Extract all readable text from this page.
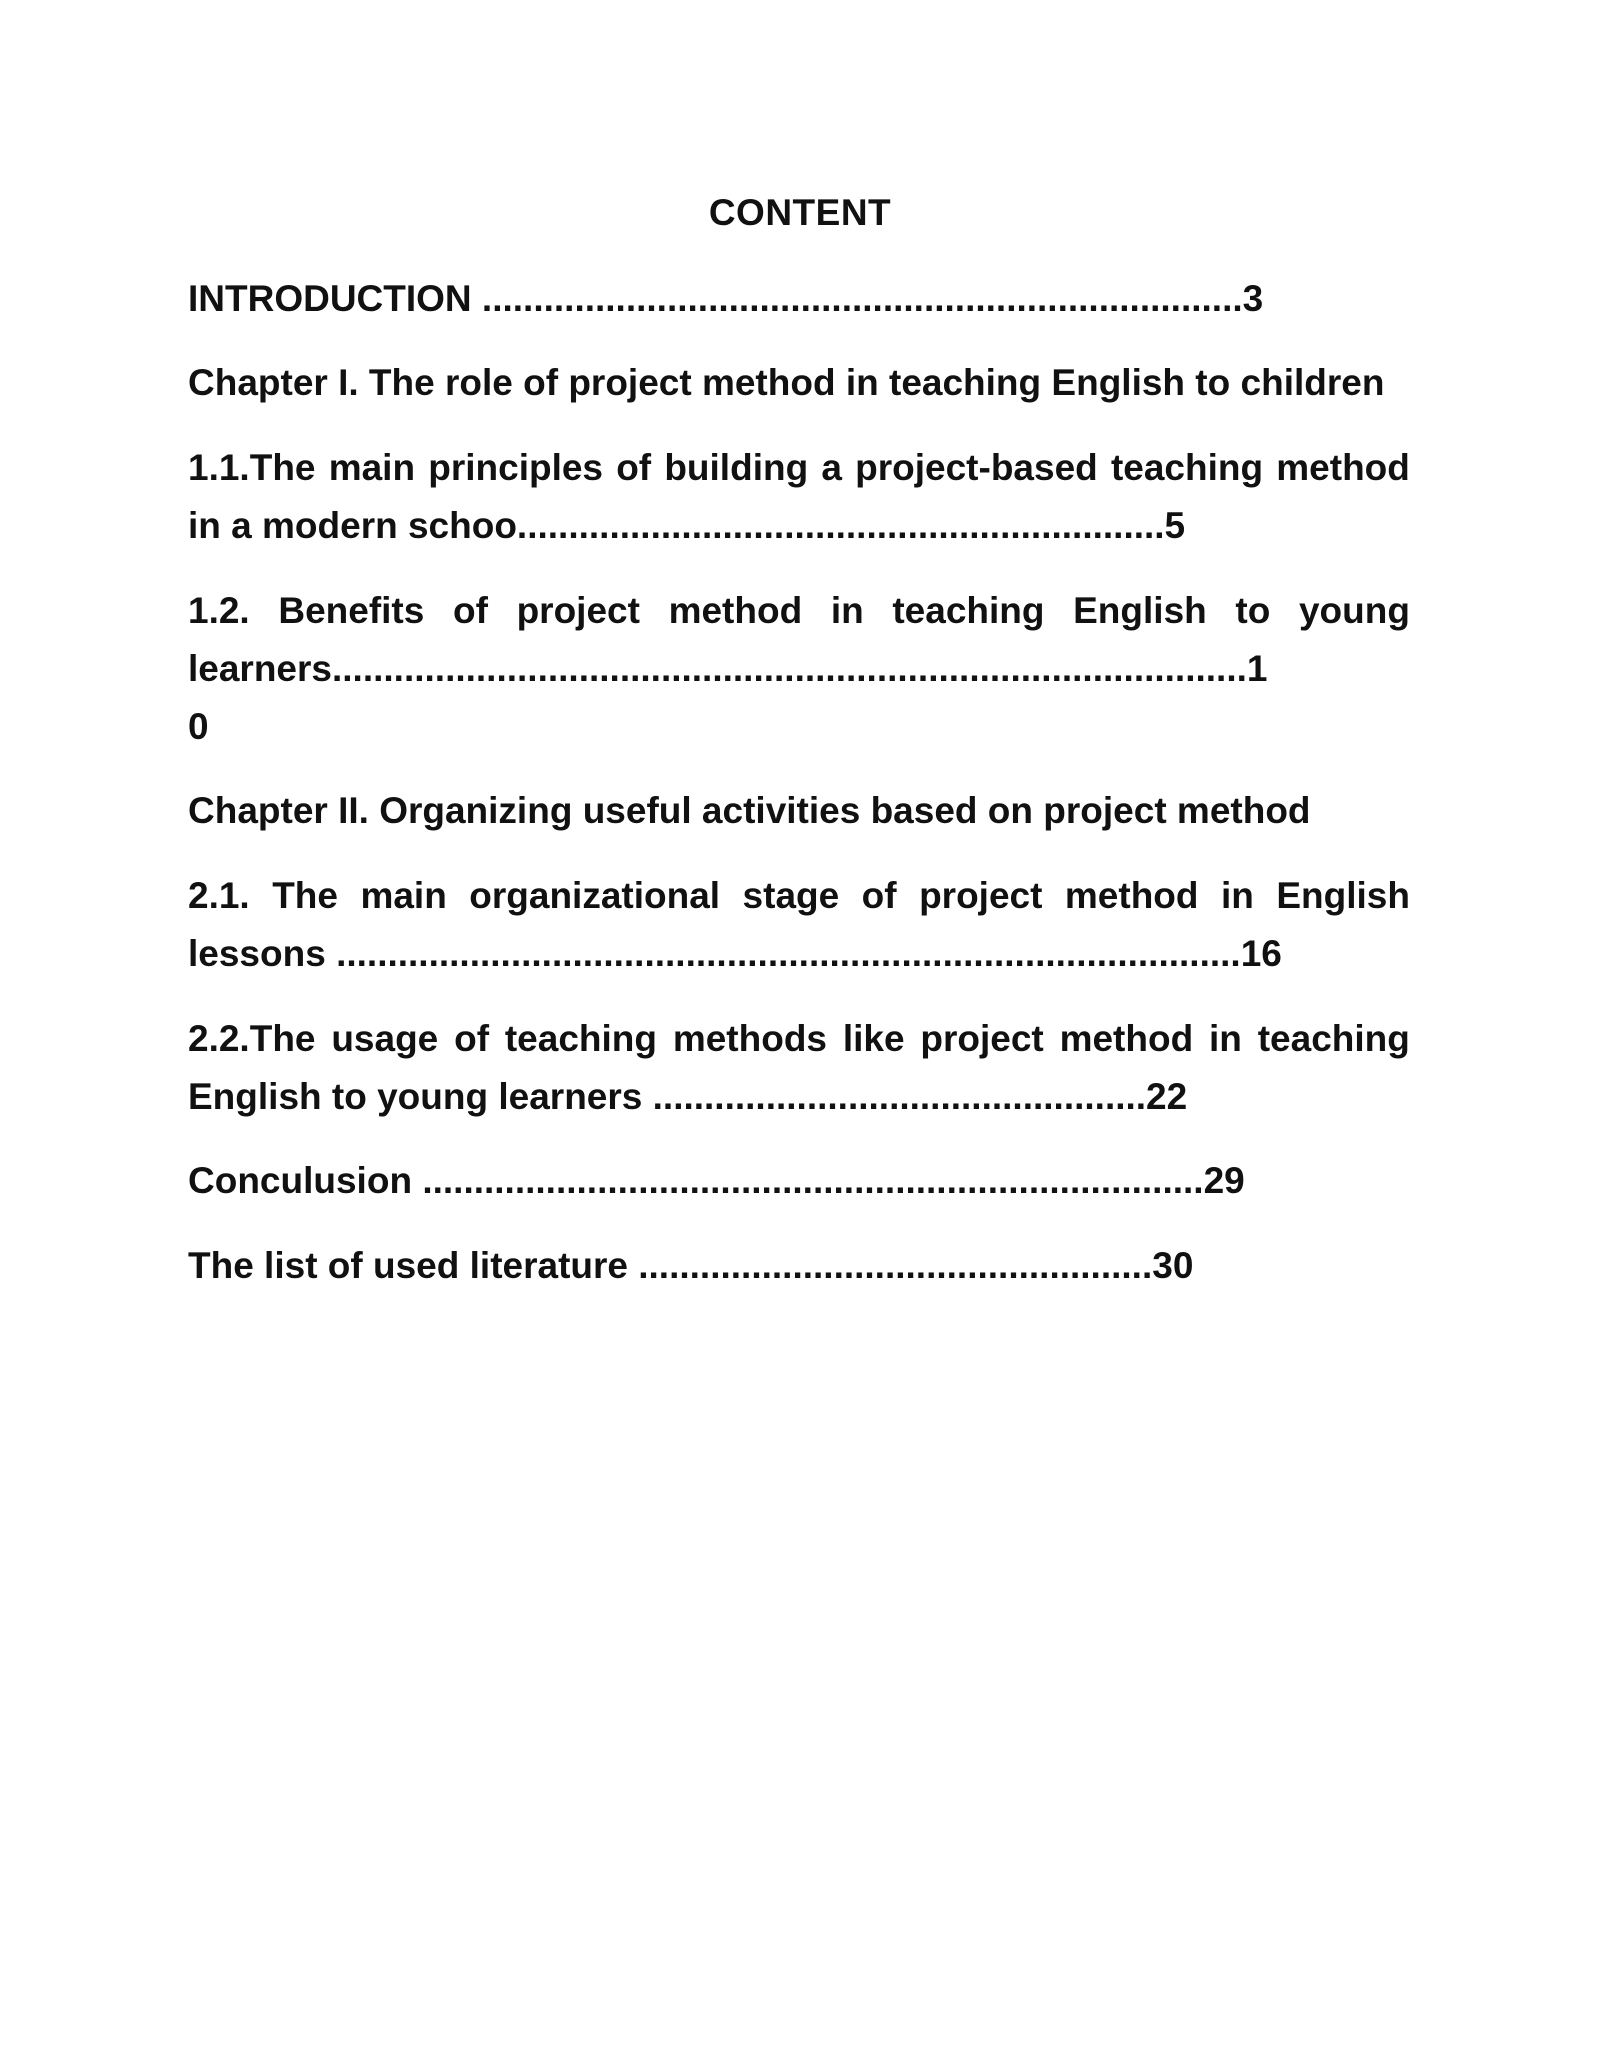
CONTENT
INTRODUCTION ..........................................................................3
Chapter I. The role of project method in teaching English to children
1.1.The main principles of building a project-based teaching method
in a modern schoo...............................................................5
1.2. Benefits of project method in teaching English to young
learners.........................................................................................1
0
Chapter II. Organizing useful activities based on project method
2.1. The main organizational stage of project method in English
lessons ........................................................................................16
2.2.The usage of teaching methods like project method in teaching
English to young learners ................................................22
Conculusion ............................................................................29
The list of used literature ..................................................30
